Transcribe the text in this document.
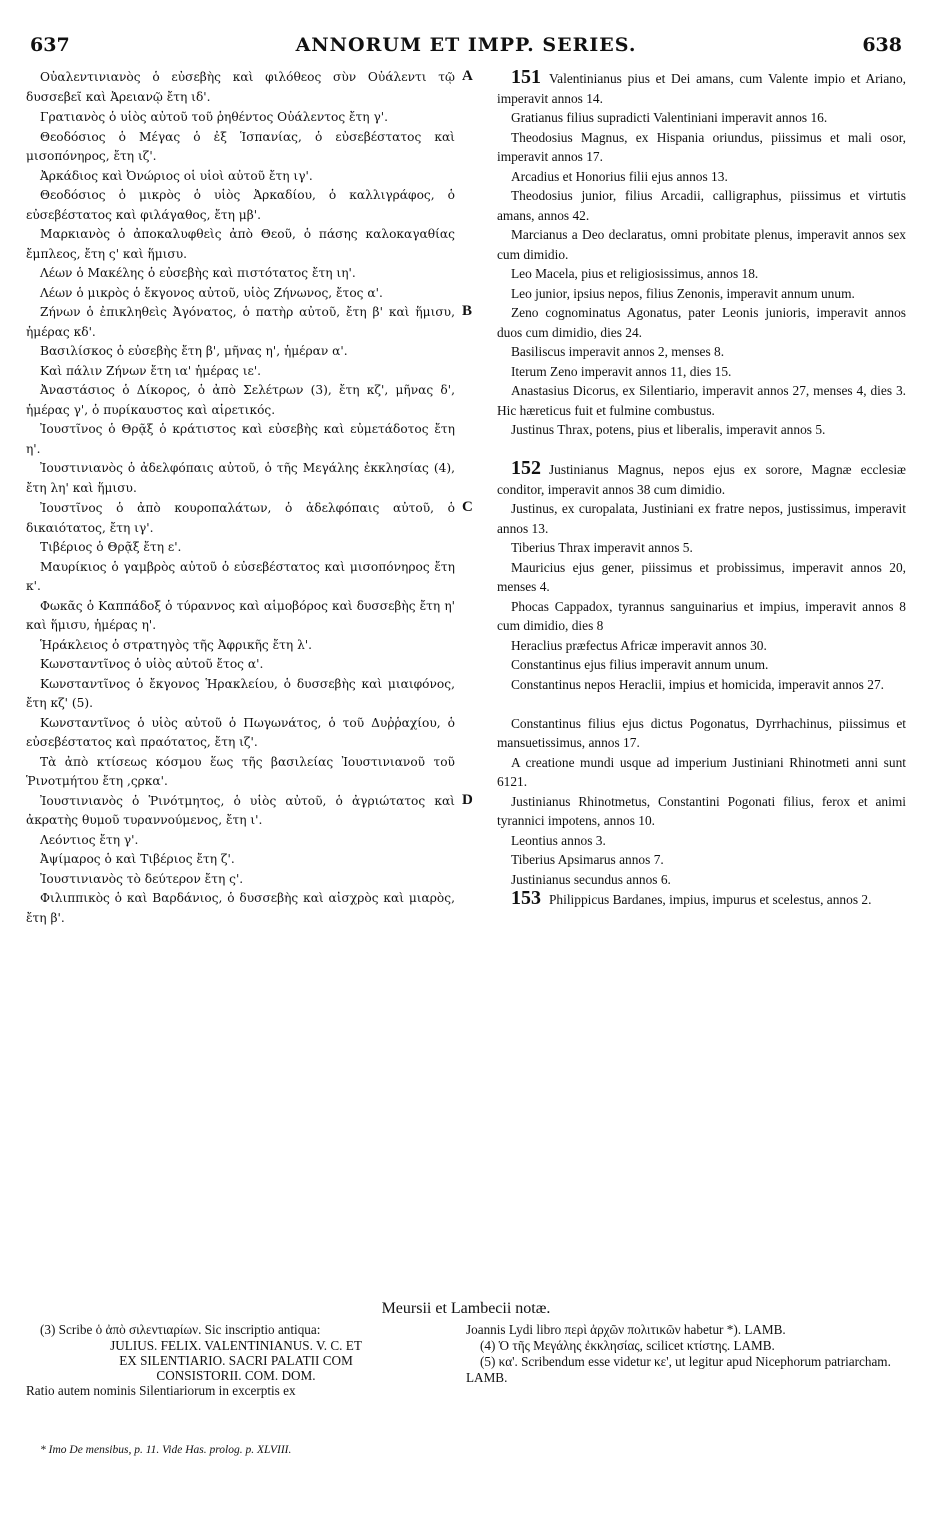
637	ANNORUM ET IMPP. SERIES.	638
Οὐαλεντινιανὸς ὁ εὐσεβὴς καὶ φιλόθεος σὺν Οὐάλεντι τῷ δυσσεβεῖ καὶ Ἀρειανῷ ἔτη ιδ'.
151 Valentinianus pius et Dei amans, cum Valente impio et Ariano, imperavit annos 14.
A
Γρατιανὸς ὁ υἱὸς αὐτοῦ τοῦ ῥηθέντος Οὐάλεντος ἔτη γ'.	Gratianus filius supradicti Valentiniani imperavit annos 16.
Θεοδόσιος ὁ Μέγας ὁ ἐξ Ἱσπανίας, ὁ εὐσεβέστατος καὶ μισοπόνηρος, ἔτη ιζ'.
Theodosius Magnus, ex Hispania oriundus, piissimus et mali osor, imperavit annos 17.
Ἀρκάδιος καὶ Ὀνώριος οἱ υἱοὶ αὐτοῦ ἔτη ιγ'.	Arcadius et Honorius filii ejus annos 13.
Θεοδόσιος ὁ μικρὸς ὁ υἱὸς Ἀρκαδίου, ὁ καλλιγράφος, ὁ εὐσεβέστατος καὶ φιλάγαθος, ἔτη μβ'.
Theodosius junior, filius Arcadii, calligraphus, piissimus et virtutis amans, annos 42.
Μαρκιανὸς ὁ ἀποκαλυφθεὶς ἀπὸ Θεοῦ, ὁ πάσης καλοκαγαθίας ἔμπλεος, ἔτη ς' καὶ ἥμισυ.
Marcianus a Deo declaratus, omni probitate plenus, imperavit annos sex cum dimidio.
Λέων ὁ Μακέλης ὁ εὐσεβὴς καὶ πιστότατος ἔτη ιη'.	Leo Macela, pius et religiosissimus, annos 18.
Λέων ὁ μικρὸς ὁ ἔκγονος αὐτοῦ, υἱὸς Ζήνωνος, ἔτος α'.	Leo junior, ipsius nepos, filius Zenonis, imperavit annum unum.
Ζήνων ὁ ἐπικληθεὶς Ἀγόνατος, ὁ πατὴρ αὐτοῦ, ἔτη β' καὶ ἥμισυ, ἡμέρας κδ'.
Zeno cognominatus Agonatus, pater Leonis junioris, imperavit annos duos cum dimidio, dies 24.
B
Βασιλίσκος ὁ εὐσεβὴς ἔτη β', μῆνας η', ἡμέραν α'.	Basiliscus imperavit annos 2, menses 8.
Καὶ πάλιν Ζήνων ἔτη ια' ἡμέρας ιε'.	Iterum Zeno imperavit annos 11, dies 15.
Ἀναστάσιος ὁ Δίκορος, ὁ ἀπὸ Σελέτρων (3), ἔτη κζ', μῆνας δ', ἡμέρας γ', ὁ πυρίκαυστος καὶ αἱρετικός.
Anastasius Dicorus, ex Silentiario, imperavit annos 27, menses 4, dies 3. Hic hæreticus fuit et fulmine combustus.
Ἰουστῖνος ὁ Θρᾷξ ὁ κράτιστος καὶ εὐσεβὴς καὶ εὐμετάδοτος ἔτη η'.
Justinus Thrax, potens, pius et liberalis, imperavit annos 5.
Ἰουστινιανὸς ὁ ἀδελφόπαις αὐτοῦ, ὁ τῆς Μεγάλης ἐκκλησίας (4), ἔτη λη' καὶ ἥμισυ.
152 Justinianus Magnus, nepos ejus ex sorore, Magnæ ecclesiæ conditor, imperavit annos 38 cum dimidio.
Ἰουστῖνος ὁ ἀπὸ κουροπαλάτων, ὁ ἀδελφόπαις αὐτοῦ, ὁ δικαιότατος, ἔτη ιγ'.
Justinus, ex curopalata, Justiniani ex fratre nepos, justissimus, imperavit annos 13.
C
Τιβέριος ὁ Θρᾷξ ἔτη ε'.	Tiberius Thrax imperavit annos 5.
Μαυρίκιος ὁ γαμβρὸς αὐτοῦ ὁ εὐσεβέστατος καὶ μισοπόνηρος ἔτη κ'.
Mauricius ejus gener, piissimus et probissimus, imperavit annos 20, menses 4.
Φωκᾶς ὁ Καππάδοξ ὁ τύραννος καὶ αἱμοβόρος καὶ δυσσεβὴς ἔτη η' καὶ ἥμισυ, ἡμέρας η'.
Phocas Cappadox, tyrannus sanguinarius et impius, imperavit annos 8 cum dimidio, dies 8
Ἡράκλειος ὁ στρατηγὸς τῆς Ἀφρικῆς ἔτη λ'.	Heraclius præfectus Africæ imperavit annos 30.
Κωνσταντῖνος ὁ υἱὸς αὐτοῦ ἔτος α'.	Constantinus ejus filius imperavit annum unum.
Κωνσταντῖνος ὁ ἔκγονος Ἡρακλείου, ὁ δυσσεβὴς καὶ μιαιφόνος, ἔτη κζ' (5).
Constantinus nepos Heraclii, impius et homicida, imperavit annos 27.
Κωνσταντῖνος ὁ υἱὸς αὐτοῦ ὁ Πωγωνάτος, ὁ τοῦ Δυῤῥαχίου, ὁ εὐσεβέστατος καὶ πραότατος, ἔτη ιζ'.
Constantinus filius ejus dictus Pogonatus, Dyrrhachinus, piissimus et mansuetissimus, annos 17.
Τὰ ἀπὸ κτίσεως κόσμου ἕως τῆς βασιλείας Ἰουστινιανοῦ τοῦ Ῥινοτμήτου ἔτη ,ςρκα'.
A creatione mundi usque ad imperium Justiniani Rhinotmeti anni sunt 6121.
Ἰουστινιανὸς ὁ Ῥινότμητος, ὁ υἱὸς αὐτοῦ, ὁ ἀγριώτατος καὶ ἀκρατὴς θυμοῦ τυραννούμενος, ἔτη ι'.
Justinianus Rhinotmetus, Constantini Pogonati filius, ferox et animi tyrannici impotens, annos 10.
D
Λεόντιος ἔτη γ'.	Leontius annos 3.
Ἀψίμαρος ὁ καὶ Τιβέριος ἔτη ζ'.	Tiberius Apsimarus annos 7.
Ἰουστινιανὸς τὸ δεύτερον ἔτη ς'.	Justinianus secundus annos 6.
Φιλιππικὸς ὁ καὶ Βαρδάνιος, ὁ δυσσεβὴς καὶ αἰσχρὸς καὶ μιαρὸς, ἔτη β'.
153 Philippicus Bardanes, impius, impurus et scelestus, annos 2.
Meursii et Lambecii notæ.
(3) Scribe ὁ ἀπὸ σιλεντιαρίων. Sic inscriptio antiqua:
JULIUS. FELIX. VALENTINIANUS. V. C. ET
EX SILENTIARIO. SACRI PALATII COM
CONSISTORII. COM. DOM.
Ratio autem nominis Silentiariorum in excerptis ex
Joannis Lydi libro περὶ ἀρχῶν πολιτικῶν habetur *). LAMB.
(4) Ὁ τῆς Μεγάλης ἐκκλησίας, scilicet κτίστης. LAMB.
(5) κα'. Scribendum esse videtur κε', ut legitur apud Nicephorum patriarcham. LAMB.
* Imo De mensibus, p. 11. Vide Has. prolog. p. XLVIII.
